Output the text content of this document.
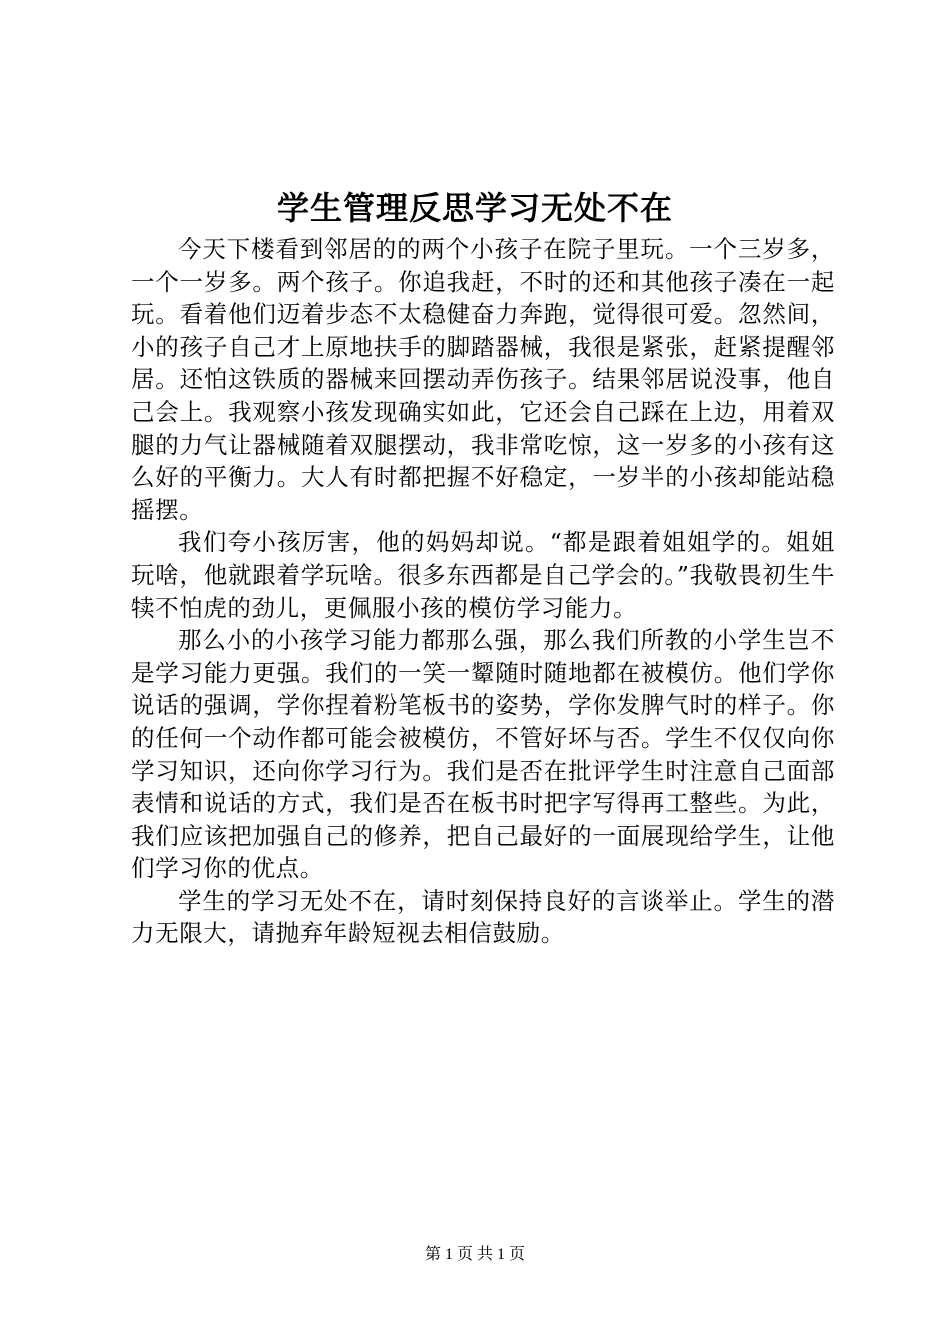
学生管理反思学习无处不在

今天下楼看到邻居的的两个小孩子在院子里玩。一个三岁多，一个一岁多。两个孩子。你追我赶，不时的还和其他孩子凑在一起玩。看着他们迈着步态不太稳健奋力奔跑，觉得很可爱。忽然间，小的孩子自己才上原地扶手的脚踏器械，我很是紧张，赶紧提醒邻居。还怕这铁质的器械来回摆动弄伤孩子。结果邻居说没事，他自己会上。我观察小孩发现确实如此，它还会自己踩在上边，用着双腿的力气让器械随着双腿摆动，我非常吃惊，这一岁多的小孩有这么好的平衡力。大人有时都把握不好稳定，一岁半的小孩却能站稳摇摆。

我们夸小孩厉害，他的妈妈却说。“都是跟着姐姐学的。姐姐玩啥，他就跟着学玩啥。很多东西都是自己学会的。”我敬畏初生牛犊不怕虎的劲儿，更佩服小孩的模仿学习能力。

那么小的小孩学习能力都那么强，那么我们所教的小学生岂不是学习能力更强。我们的一笑一颦随时随地都在被模仿。他们学你说话的强调，学你捏着粉笔板书的姿势，学你发脾气时的样子。你的任何一个动作都可能会被模仿，不管好坏与否。学生不仅仅向你学习知识，还向你学习行为。我们是否在批评学生时注意自己面部表情和说话的方式，我们是否在板书时把字写得再工整些。为此，我们应该把加强自己的修养，把自己最好的一面展现给学生，让他们学习你的优点。

学生的学习无处不在，请时刻保持良好的言谈举止。学生的潜力无限大，请抛弃年龄短视去相信鼓励。

第 1 页 共 1 页
